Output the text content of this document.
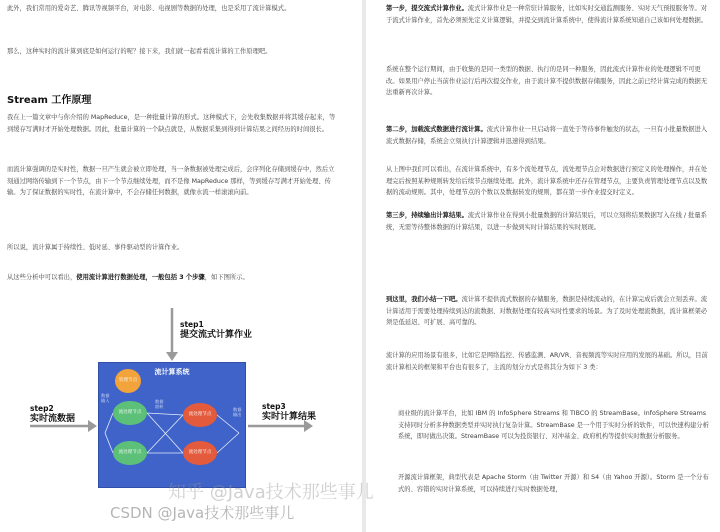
此外，我们常用的爱奇艺、腾讯等视频平台，对电影、电视剧等数据的处理，也是采用了流计算模式。
那么，这种实时的流计算到底是如何运行的呢？接下来，我们就一起看看流计算的工作原理吧。
Stream 工作原理
我在上一篇文章中与你介绍的 MapReduce，是一种批量计算的形式。这种模式下，会先收集数据并将其缓存起来，等到缓存写满时才开始处理数据。因此，批量计算的一个缺点就是，从数据采集到得到计算结果之间经历的时间很长。
而流计算强调的是实时性，数据一旦产生就会被立即处理，当一条数据被处理完成后，会序列化存储到缓存中，然后立刻通过网络传输到下一个节点，由下一个节点继续处理，而不是像 MapReduce 那样，等到缓存写满才开始处理、传输。为了保证数据的实时性，在流计算中，不会存储任何数据，就像水流一样滚滚向前。
所以说，流计算属于持续性、低时延、事件驱动型的计算作业。
从这些分析中可以看出，使用流计算进行数据处理，一般包括 3 个步骤，如下图所示。
step1
提交流式计算作业
step2
实时流数据
step3
实时计算结果
流计算系统
管理节点
流处理节点	流处理节点
流处理节点	流处理节点
数据输入	数据流转
数据输出
第一步，提交流式计算作业。流式计算作业是一种常驻计算服务，比如实时交通监测服务、实时天气预报服务等。对于流式计算作业，首先必须预先定义计算逻辑，并提交到流计算系统中，使得流计算系统知道自己该如何处理数据。
系统在整个运行期间，由于收集的是同一类型的数据、执行的是同一种服务，因此流式计算作业的处理逻辑不可更改。如果用户停止当前作业运行后再次提交作业，由于流计算不提供数据存储服务，因此之前已经计算完成的数据无法重新再次计算。
第二步，加载流式数据进行流计算。流式计算作业一旦启动将一直处于等待事件触发的状态，一旦有小批量数据进入流式数据存储，系统会立刻执行计算逻辑并迅速得到结果。
从上图中我们可以看出，在流计算系统中，有多个流处理节点，流处理节点会对数据进行预定义的处理操作，并在处理完后按照某种规则转发给后续节点继续处理。此外，流计算系统中还存在管理节点，主要负责管理处理节点以及数据的流动规则。其中，处理节点的个数以及数据转发的规则，都在第一步作业提交时定义。
第三步，持续输出计算结果。流式计算作业在得到小批量数据的计算结果后，可以立刻将结果数据写入在线 / 批量系统，无需等待整体数据的计算结果，以进一步做到实时计算结果的实时展现。
到这里，我们小结一下吧。流计算不提供流式数据的存储服务，数据是持续流动的，在计算完成后就会立刻丢弃。流计算适用于需要处理持续到达的流数据、对数据处理有较高实时性要求的场景。为了及时处理流数据，流计算框架必须是低延迟、可扩展、高可靠的。
流计算的应用场景有很多，比如它是网络监控、传感监测、AR/VR、音视频流等实时应用的发展的基础。所以，目前流计算相关的框架和平台也有很多了，主流的划分方式是将其分为如下 3 类：
商业级的流计算平台，比如 IBM 的 InfoSphere Streams 和 TIBCO 的 StreamBase。InfoSphere Streams 支持同时分析多种数据类型并实时执行复杂计算。StreamBase 是一个用于实时分析的软件，可以快速构建分析系统，即时做出决策。StreamBase 可以为投资银行、对冲基金、政府机构等提供实时数据分析服务。
开源流计算框架，典型代表是 Apache Storm（由 Twitter 开源）和 S4（由 Yahoo 开源）。Storm 是一个分布式的、容错的实时计算系统，可以持续进行实时数据处理，
知乎 @Java技术那些事儿
CSDN @Java技术那些事儿
